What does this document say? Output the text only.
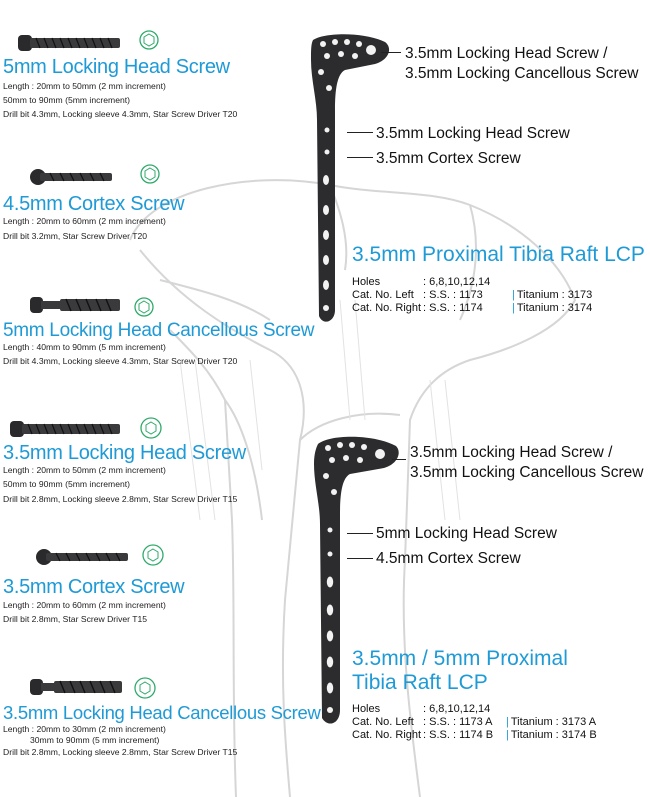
5mm Locking Head Screw
Length : 20mm to 50mm (2 mm increment)
50mm to 90mm (5mm increment)
Drill bit 4.3mm, Locking sleeve 4.3mm, Star Screw Driver T20
4.5mm Cortex Screw
Length : 20mm to 60mm (2 mm increment)
Drill bit 3.2mm, Star Screw Driver T20
5mm Locking Head Cancellous Screw
Length : 40mm to 90mm (5 mm increment)
Drill bit 4.3mm, Locking sleeve 4.3mm, Star Screw Driver T20
3.5mm Locking Head Screw
Length : 20mm to 50mm (2 mm increment)
50mm to 90mm (5mm increment)
Drill bit 2.8mm, Locking sleeve 2.8mm, Star Screw Driver T15
3.5mm Cortex Screw
Length : 20mm to 60mm (2 mm increment)
Drill bit 2.8mm, Star Screw Driver T15
3.5mm Locking Head Cancellous Screw
Length : 20mm to 30mm (2 mm increment)
30mm to 90mm (5 mm increment)
Drill bit 2.8mm, Locking sleeve 2.8mm, Star Screw Driver T15
3.5mm Locking Head Screw /
3.5mm Locking Cancellous Screw
3.5mm Locking Head Screw
3.5mm Cortex Screw
3.5mm Proximal Tibia Raft LCP
Holes	: 6,8,10,12,14
Cat. No. Left : S.S. : 1173	| Titanium : 3173
Cat. No. Right : S.S. : 1174	| Titanium : 3174
3.5mm Locking Head Screw /
3.5mm Locking Cancellous Screw
5mm Locking Head Screw
4.5mm Cortex Screw
3.5mm / 5mm Proximal
Tibia Raft LCP
Holes	: 6,8,10,12,14
Cat. No. Left : S.S. : 1173 A | Titanium : 3173 A
Cat. No. Right : S.S. : 1174 B | Titanium : 3174 B
